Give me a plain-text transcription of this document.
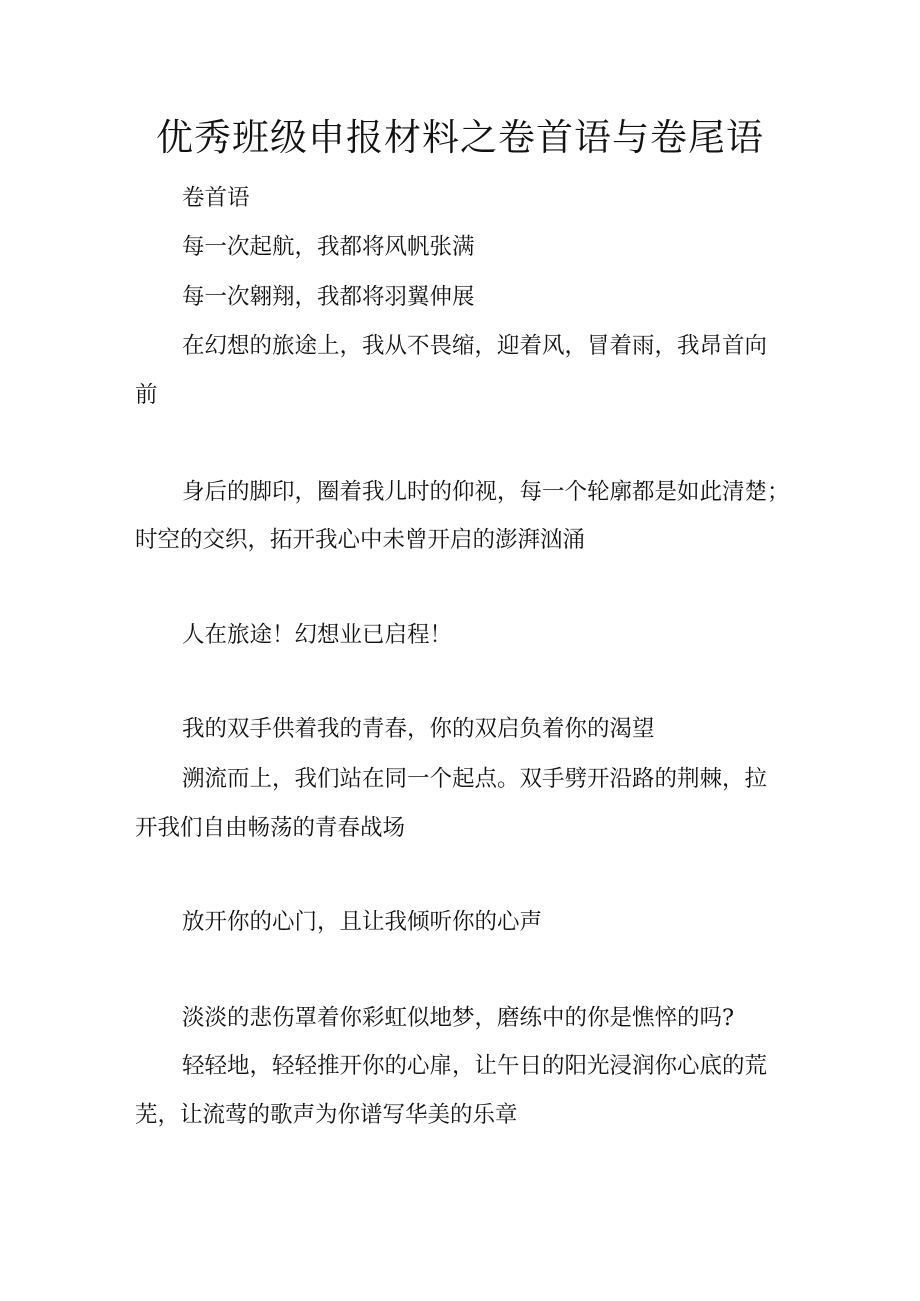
优秀班级申报材料之卷首语与卷尾语

卷首语

每一次起航，我都将风帆张满

每一次翱翔，我都将羽翼伸展

在幻想的旅途上，我从不畏缩，迎着风，冒着雨，我昂首向

前

身后的脚印，圈着我儿时的仰视，每一个轮廓都是如此清楚；

时空的交织，拓开我心中未曾开启的澎湃汹涌

人在旅途！幻想业已启程！

我的双手供着我的青春，你的双启负着你的渴望

溯流而上，我们站在同一个起点。双手劈开沿路的荆棘，拉

开我们自由畅荡的青春战场

放开你的心门，且让我倾听你的心声

淡淡的悲伤罩着你彩虹似地梦，磨练中的你是憔悴的吗?

轻轻地，轻轻推开你的心扉，让午日的阳光浸润你心底的荒

芜，让流莺的歌声为你谱写华美的乐章
